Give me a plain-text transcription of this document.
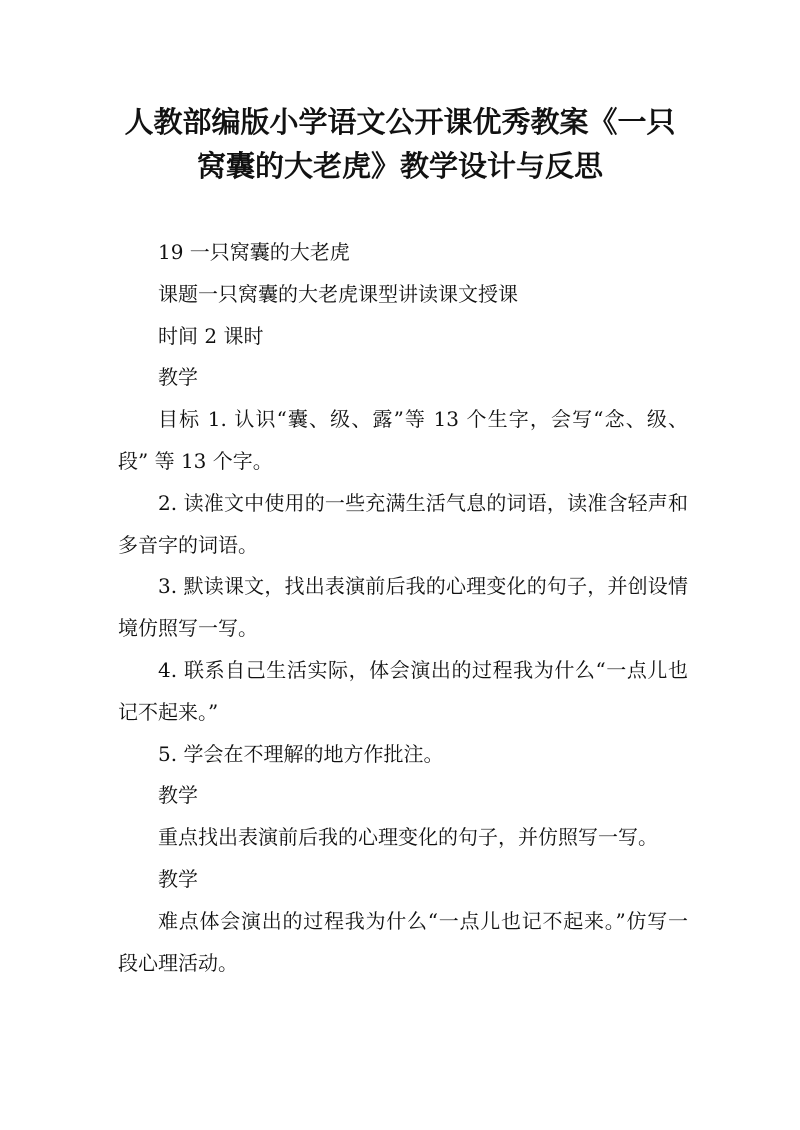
人教部编版小学语文公开课优秀教案《一只
窝囊的大老虎》教学设计与反思

19 一只窝囊的大老虎

课题一只窝囊的大老虎课型讲读课文授课

时间 2 课时

教学

目标 1. 认识“囊、级、露”等 13 个生字，会写“念、级、段” 等 13 个字。

2. 读准文中使用的一些充满生活气息的词语，读准含轻声和多音字的词语。

3. 默读课文，找出表演前后我的心理变化的句子，并创设情境仿照写一写。

4. 联系自己生活实际，体会演出的过程我为什么“一点儿也记不起来。”

5. 学会在不理解的地方作批注。

教学

重点找出表演前后我的心理变化的句子，并仿照写一写。

教学

难点体会演出的过程我为什么“一点儿也记不起来。”仿写一段心理活动。
